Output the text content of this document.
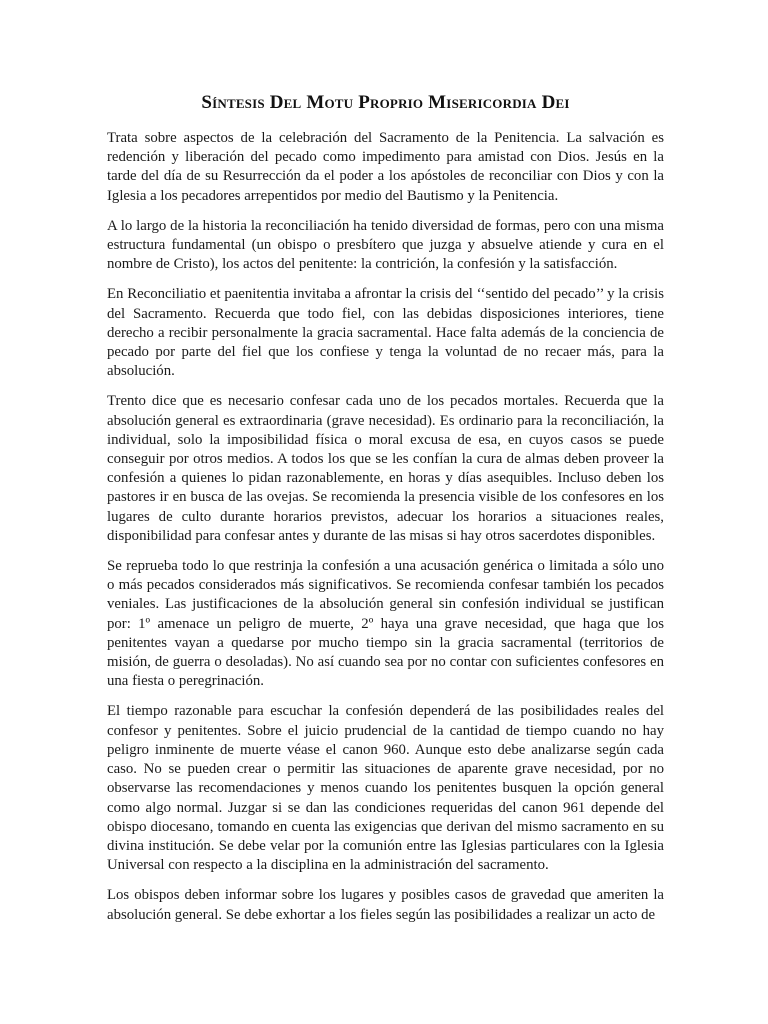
Síntesis Del Motu Proprio Misericordia Dei

Trata sobre aspectos de la celebración del Sacramento de la Penitencia. La salvación es redención y liberación del pecado como impedimento para amistad con Dios. Jesús en la tarde del día de su Resurrección da el poder a los apóstoles de reconciliar con Dios y con la Iglesia a los pecadores arrepentidos por medio del Bautismo y la Penitencia.

A lo largo de la historia la reconciliación ha tenido diversidad de formas, pero con una misma estructura fundamental (un obispo o presbítero que juzga y absuelve atiende y cura en el nombre de Cristo), los actos del penitente: la contrición, la confesión y la satisfacción.

En Reconciliatio et paenitentia invitaba a afrontar la crisis del ‘‘sentido del pecado’’ y la crisis del Sacramento. Recuerda que todo fiel, con las debidas disposiciones interiores, tiene derecho a recibir personalmente la gracia sacramental. Hace falta además de la conciencia de pecado por parte del fiel que los confiese y tenga la voluntad de no recaer más, para la absolución.

Trento dice que es necesario confesar cada uno de los pecados mortales. Recuerda que la absolución general es extraordinaria (grave necesidad). Es ordinario para la reconciliación, la individual, solo la imposibilidad física o moral excusa de esa, en cuyos casos se puede conseguir por otros medios. A todos los que se les confían la cura de almas deben proveer la confesión a quienes lo pidan razonablemente, en horas y días asequibles. Incluso deben los pastores ir en busca de las ovejas. Se recomienda la presencia visible de los confesores en los lugares de culto durante horarios previstos, adecuar los horarios a situaciones reales, disponibilidad para confesar antes y durante de las misas si hay otros sacerdotes disponibles.

Se reprueba todo lo que restrinja la confesión a una acusación genérica o limitada a sólo uno o más pecados considerados más significativos. Se recomienda confesar también los pecados veniales. Las justificaciones de la absolución general sin confesión individual se justifican por: 1º amenace un peligro de muerte, 2º haya una grave necesidad, que haga que los penitentes vayan a quedarse por mucho tiempo sin la gracia sacramental (territorios de misión, de guerra o desoladas). No así cuando sea por no contar con suficientes confesores en una fiesta o peregrinación.

El tiempo razonable para escuchar la confesión dependerá de las posibilidades reales del confesor y penitentes. Sobre el juicio prudencial de la cantidad de tiempo cuando no hay peligro inminente de muerte véase el canon 960. Aunque esto debe analizarse según cada caso. No se pueden crear o permitir las situaciones de aparente grave necesidad, por no observarse las recomendaciones y menos cuando los penitentes busquen la opción general como algo normal. Juzgar si se dan las condiciones requeridas del canon 961 depende del obispo diocesano, tomando en cuenta las exigencias que derivan del mismo sacramento en su divina institución. Se debe velar por la comunión entre las Iglesias particulares con la Iglesia Universal con respecto a la disciplina en la administración del sacramento.

Los obispos deben informar sobre los lugares y posibles casos de gravedad que ameriten la absolución general. Se debe exhortar a los fieles según las posibilidades a realizar un acto de
